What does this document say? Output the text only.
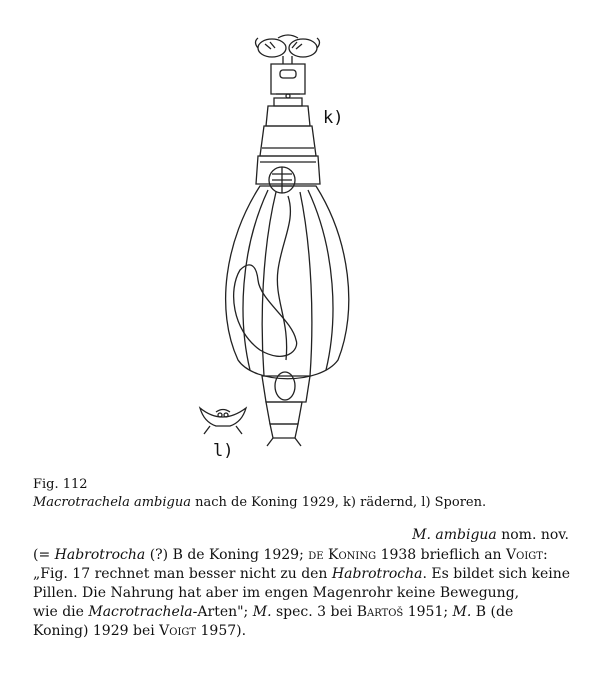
k)
l)
Fig. 112
Macrotrachela ambigua nach de Koning 1929, k) rädernd, l) Sporen.
M. ambigua nom. nov.
(= Habrotrocha (?) B de Koning 1929; de Koning 1938 brieflich an Voigt:
„Fig. 17 rechnet man besser nicht zu den Habrotrocha. Es bildet sich keine
Pillen. Die Nahrung hat aber im engen Magenrohr keine Bewegung,
wie die Macrotrachela-Arten"; M. spec. 3 bei Bartoš 1951; M. B (de
Koning) 1929 bei Voigt 1957).
